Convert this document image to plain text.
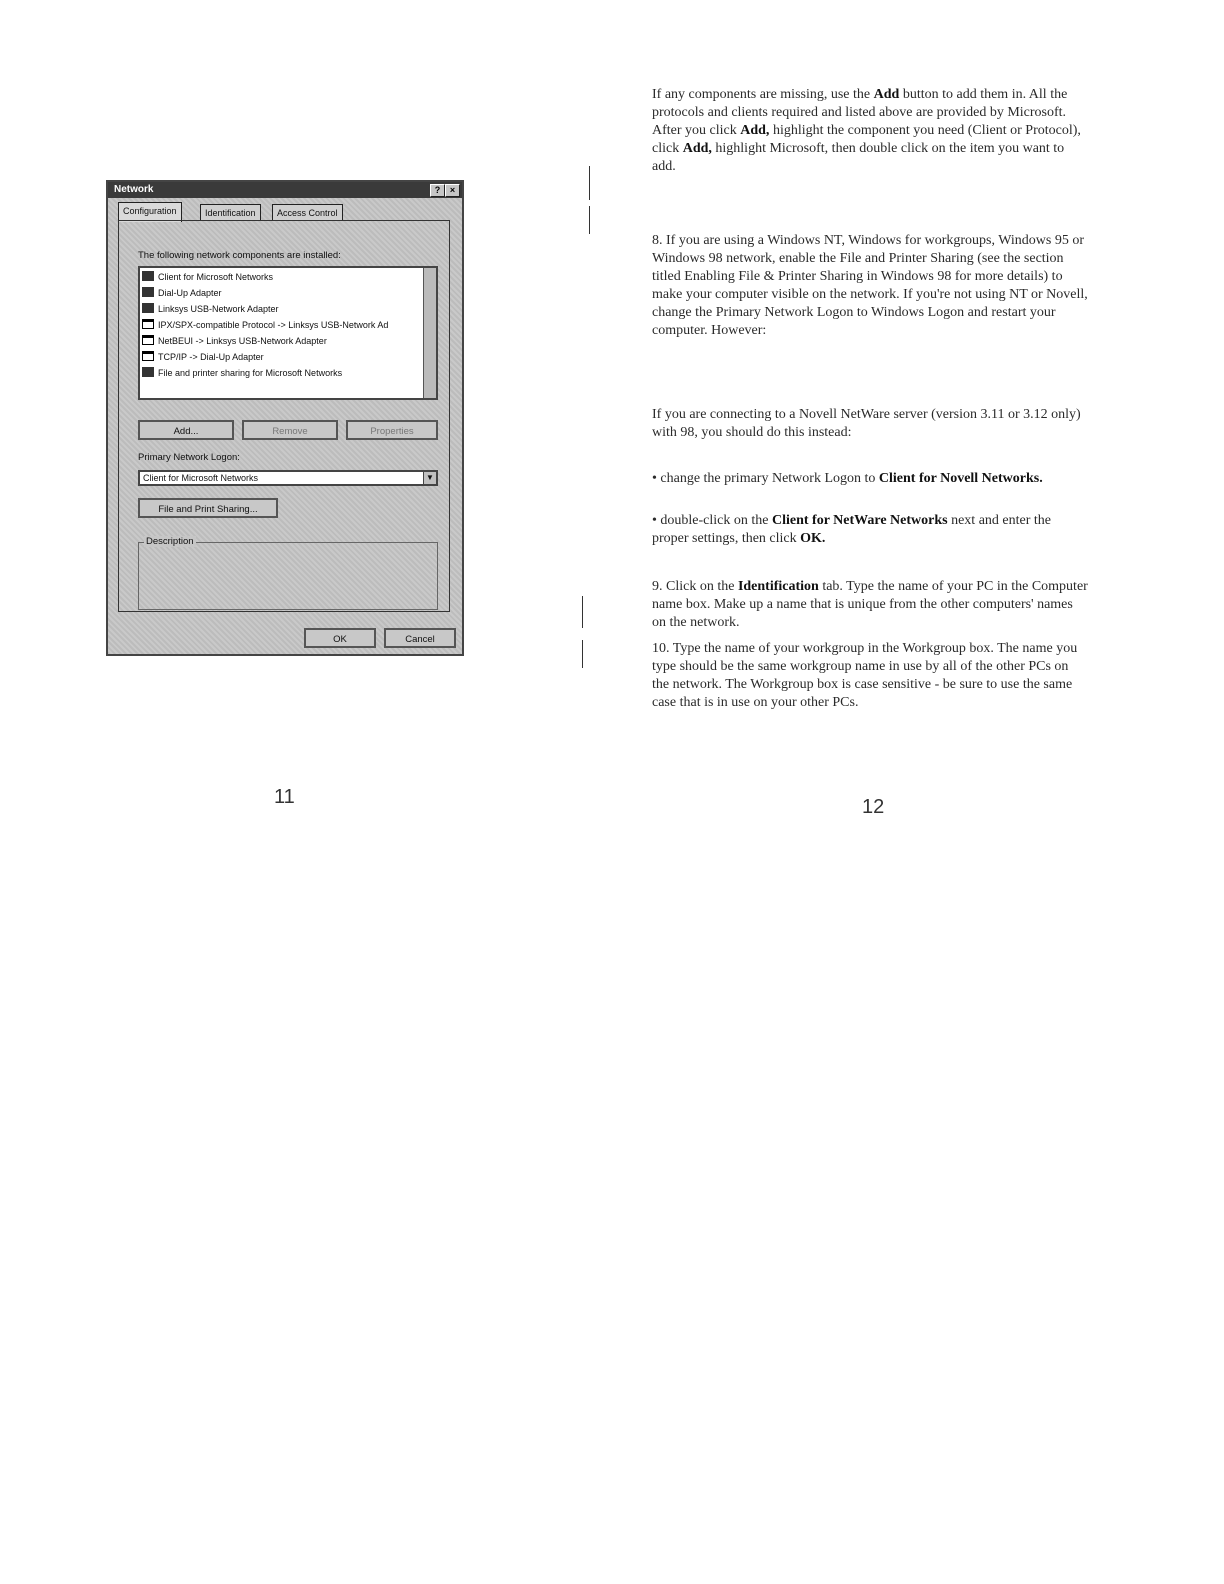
Network	?	×
Configuration	Identification	Access Control
The following network components are installed:
Client for Microsoft Networks
Dial-Up Adapter
Linksys USB-Network Adapter
IPX/SPX-compatible Protocol -> Linksys USB-Network Ad
NetBEUI -> Linksys USB-Network Adapter
TCP/IP -> Dial-Up Adapter
File and printer sharing for Microsoft Networks
Add...	Remove	Properties
Primary Network Logon:
Client for Microsoft Networks	▼
File and Print Sharing...
Description
OK	Cancel

If any components are missing, use the Add button to add them in. All the protocols and clients required and listed above are provided by Microsoft. After you click Add, highlight the component you need (Client or Protocol), click Add, highlight Microsoft, then double click on the item you want to add.

8. If you are using a Windows NT, Windows for workgroups, Windows 95 or Windows 98 network, enable the File and Printer Sharing (see the section titled Enabling File & Printer Sharing in Windows 98 for more details) to make your computer visible on the network. If you're not using NT or Novell, change the Primary Network Logon to Windows Logon and restart your computer. However:

If you are connecting to a Novell NetWare server (version 3.11 or 3.12 only) with 98, you should do this instead:

• change the primary Network Logon to Client for Novell Networks.

• double-click on the Client for NetWare Networks next and enter the proper settings, then click OK.

9. Click on the Identification tab. Type the name of your PC in the Computer name box. Make up a name that is unique from the other computers' names on the network.

10. Type the name of your workgroup in the Workgroup box. The name you type should be the same workgroup name in use by all of the other PCs on the network. The Workgroup box is case sensitive - be sure to use the same case that is in use on your other PCs.

11	12
